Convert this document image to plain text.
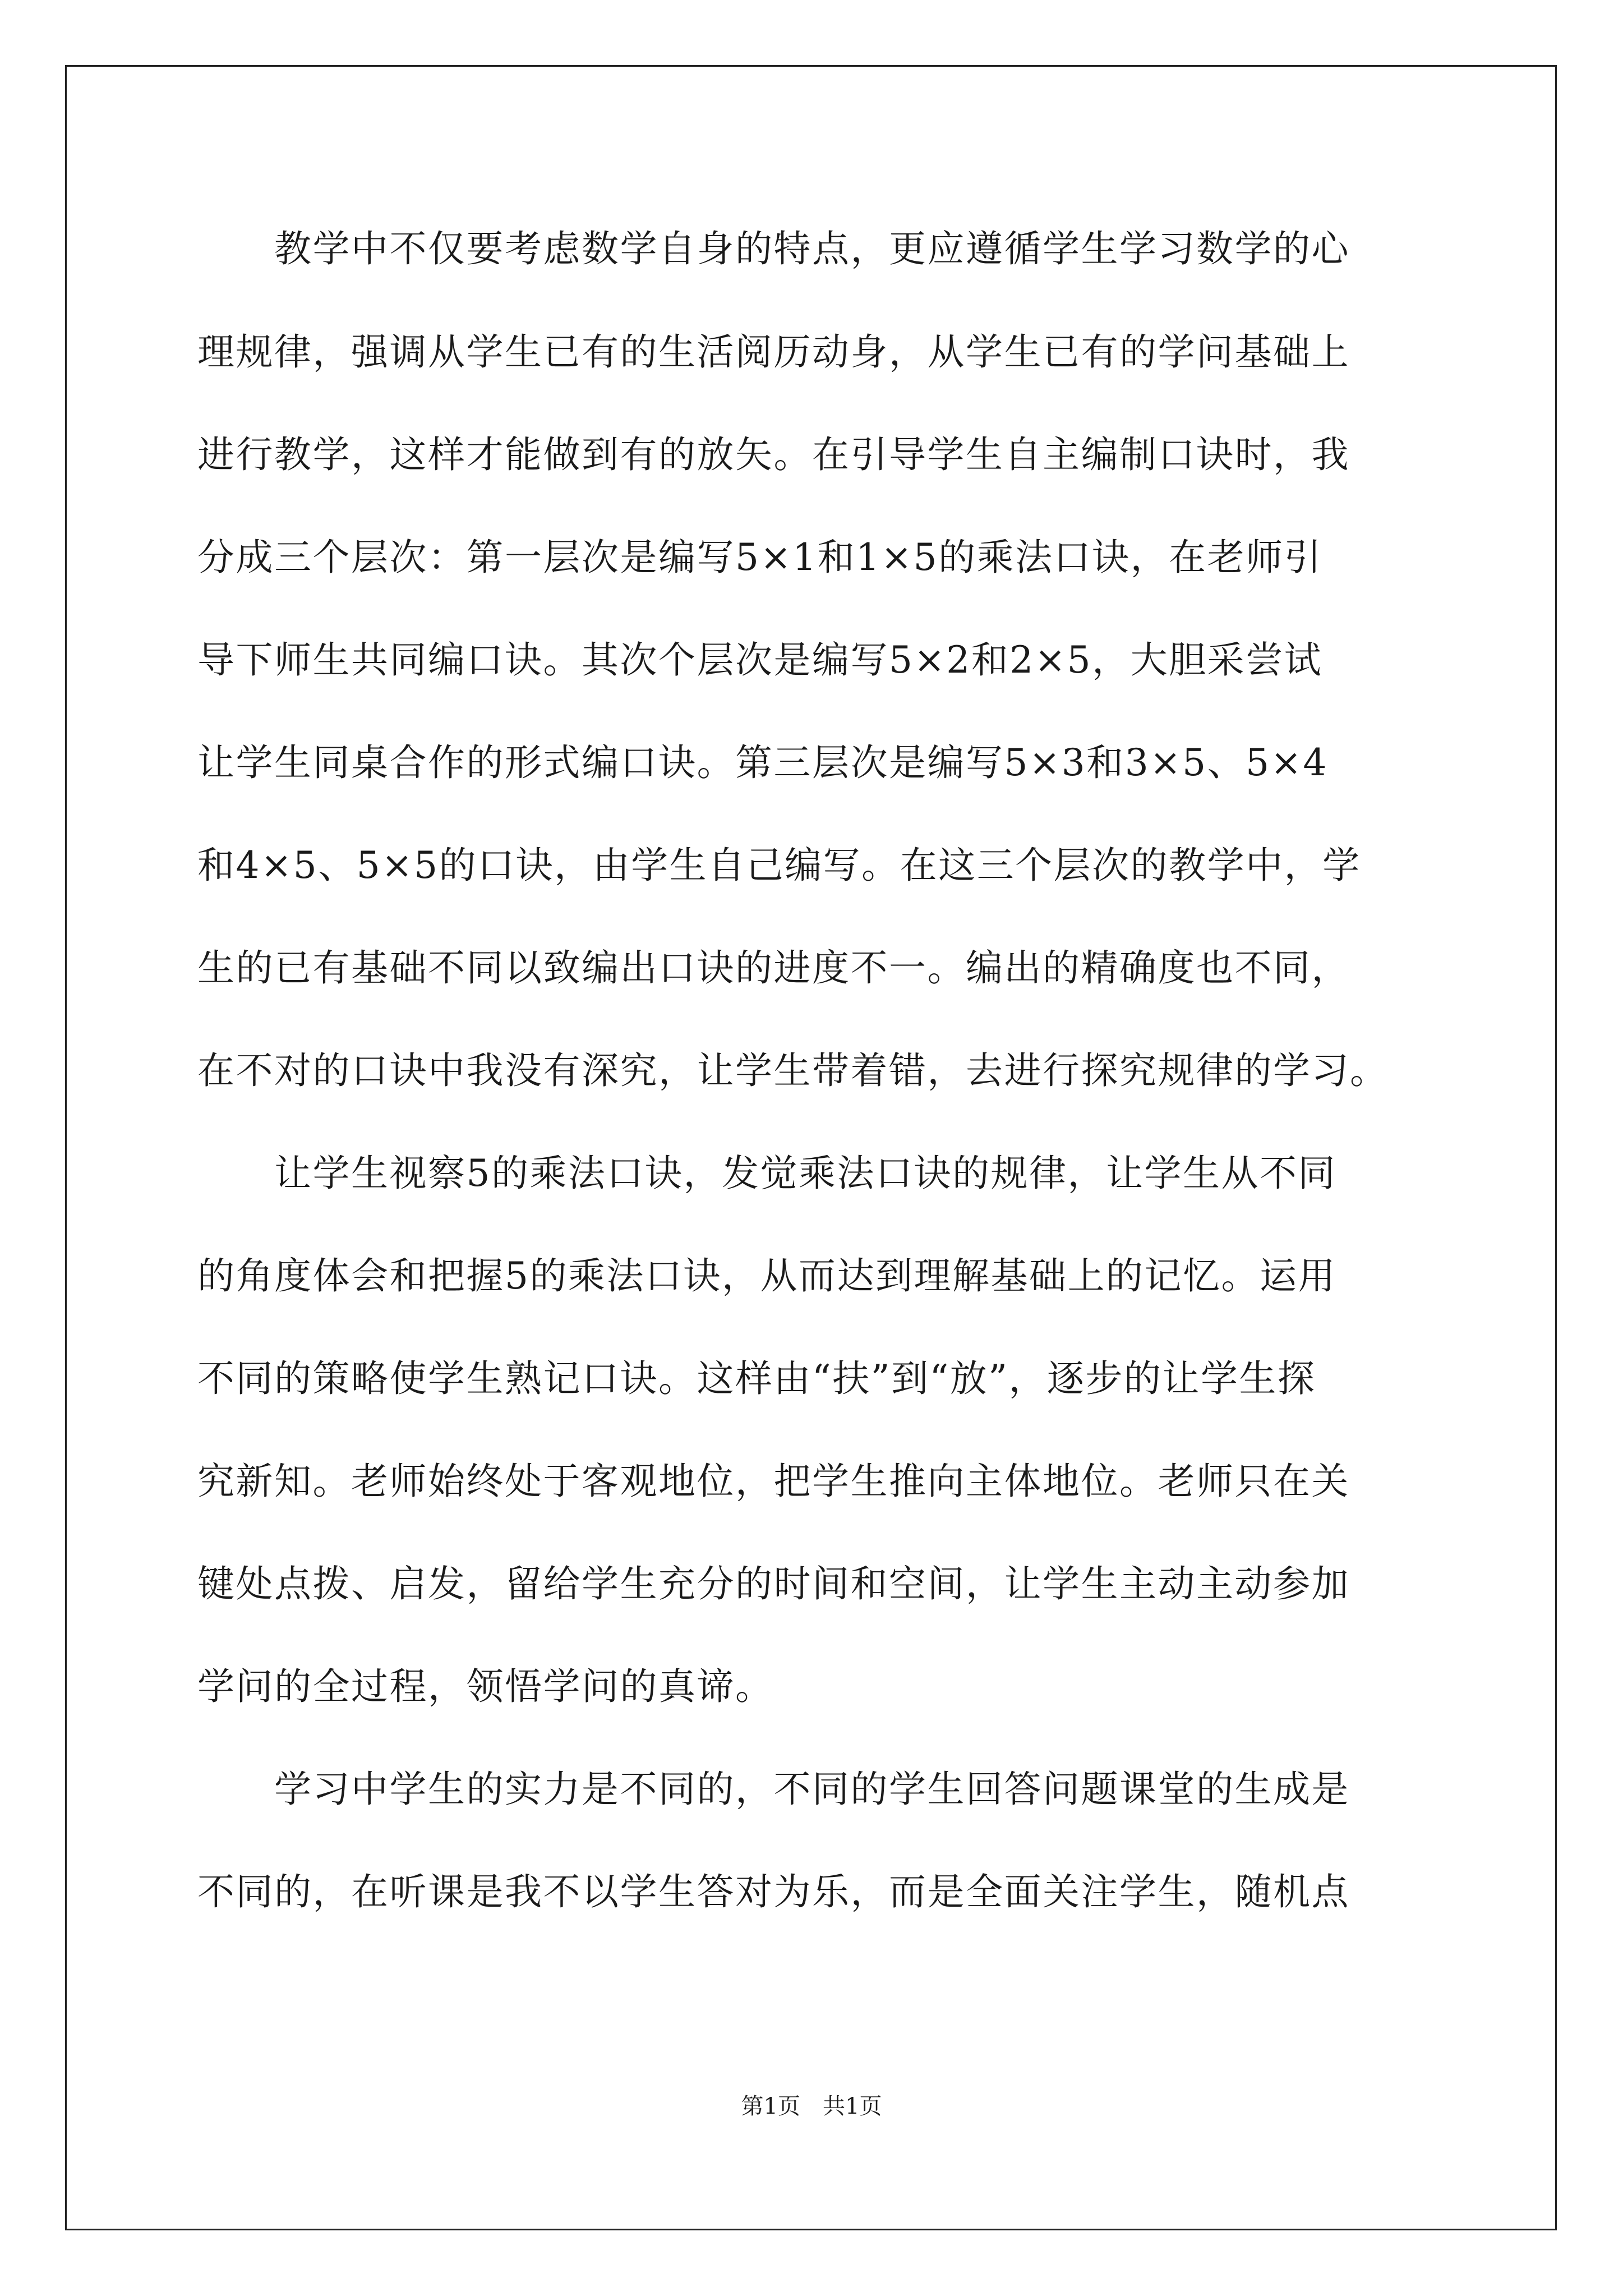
　　教学中不仅要考虑数学自身的特点，更应遵循学生学习数学的心
理规律，强调从学生已有的生活阅历动身，从学生已有的学问基础上
进行教学，这样才能做到有的放矢。在引导学生自主编制口诀时，我
分成三个层次：第一层次是编写5×1和1×5的乘法口诀，在老师引
导下师生共同编口诀。其次个层次是编写5×2和2×5，大胆采尝试
让学生同桌合作的形式编口诀。第三层次是编写5×3和3×5、5×4
和4×5、5×5的口诀，由学生自己编写。在这三个层次的教学中，学
生的已有基础不同以致编出口诀的进度不一。编出的精确度也不同，
在不对的口诀中我没有深究，让学生带着错，去进行探究规律的学习。
　　让学生视察5的乘法口诀，发觉乘法口诀的规律，让学生从不同
的角度体会和把握5的乘法口诀，从而达到理解基础上的记忆。运用
不同的策略使学生熟记口诀。这样由“扶”到“放”，逐步的让学生探
究新知。老师始终处于客观地位，把学生推向主体地位。老师只在关
键处点拨、启发，留给学生充分的时间和空间，让学生主动主动参加
学问的全过程，领悟学问的真谛。
　　学习中学生的实力是不同的，不同的学生回答问题课堂的生成是
不同的，在听课是我不以学生答对为乐，而是全面关注学生，随机点
第1页　共1页
